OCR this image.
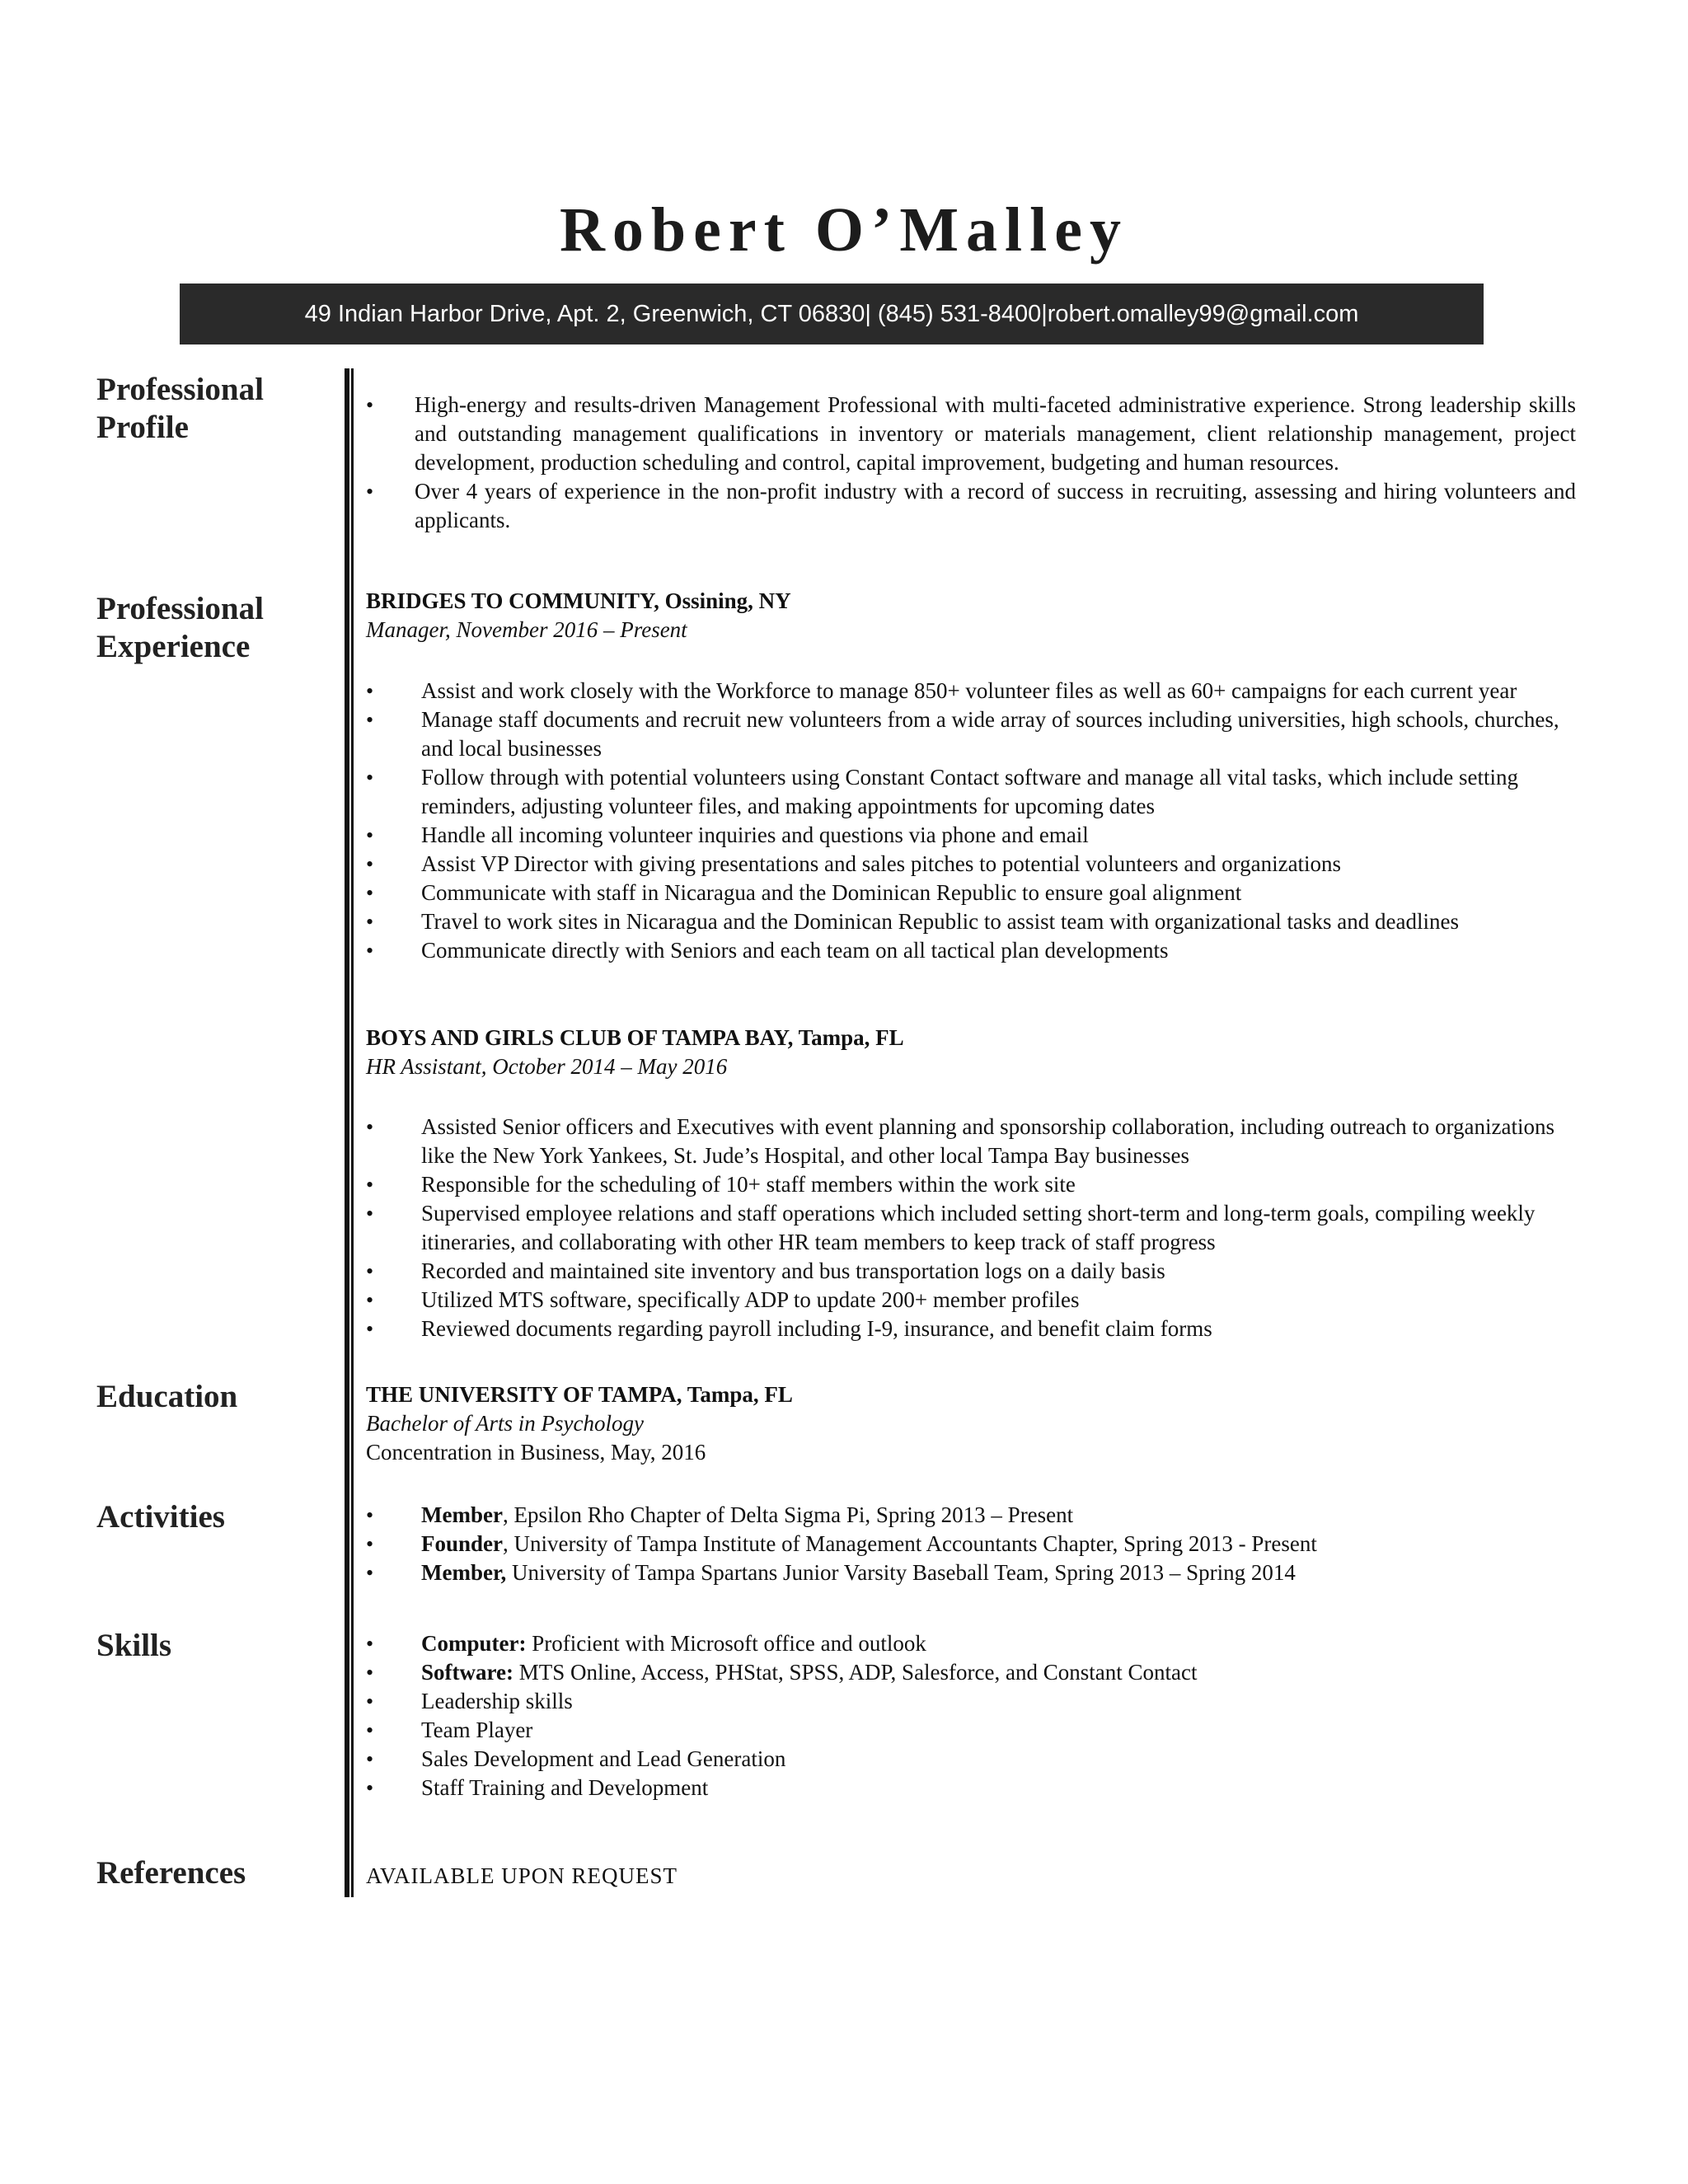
Robert O’Malley
49 Indian Harbor Drive, Apt. 2, Greenwich, CT 06830| (845) 531-8400|robert.omalley99@gmail.com
Professional Profile
• High-energy and results-driven Management Professional with multi-faceted administrative experience. Strong leadership skills and outstanding management qualifications in inventory or materials management, client relationship management, project development, production scheduling and control, capital improvement, budgeting and human resources.
• Over 4 years of experience in the non-profit industry with a record of success in recruiting, assessing and hiring volunteers and applicants.
Professional Experience
BRIDGES TO COMMUNITY, Ossining, NY
Manager, November 2016 – Present
• Assist and work closely with the Workforce to manage 850+ volunteer files as well as 60+ campaigns for each current year
• Manage staff documents and recruit new volunteers from a wide array of sources including universities, high schools, churches, and local businesses
• Follow through with potential volunteers using Constant Contact software and manage all vital tasks, which include setting reminders, adjusting volunteer files, and making appointments for upcoming dates
• Handle all incoming volunteer inquiries and questions via phone and email
• Assist VP Director with giving presentations and sales pitches to potential volunteers and organizations
• Communicate with staff in Nicaragua and the Dominican Republic to ensure goal alignment
• Travel to work sites in Nicaragua and the Dominican Republic to assist team with organizational tasks and deadlines
• Communicate directly with Seniors and each team on all tactical plan developments
BOYS AND GIRLS CLUB OF TAMPA BAY, Tampa, FL
HR Assistant, October 2014 – May 2016
• Assisted Senior officers and Executives with event planning and sponsorship collaboration, including outreach to organizations like the New York Yankees, St. Jude’s Hospital, and other local Tampa Bay businesses
• Responsible for the scheduling of 10+ staff members within the work site
• Supervised employee relations and staff operations which included setting short-term and long-term goals, compiling weekly itineraries, and collaborating with other HR team members to keep track of staff progress
• Recorded and maintained site inventory and bus transportation logs on a daily basis
• Utilized MTS software, specifically ADP to update 200+ member profiles
• Reviewed documents regarding payroll including I-9, insurance, and benefit claim forms
Education	THE UNIVERSITY OF TAMPA, Tampa, FL
Bachelor of Arts in Psychology
Concentration in Business, May, 2016
Activities	• Member, Epsilon Rho Chapter of Delta Sigma Pi, Spring 2013 – Present
• Founder, University of Tampa Institute of Management Accountants Chapter, Spring 2013 - Present
• Member, University of Tampa Spartans Junior Varsity Baseball Team, Spring 2013 – Spring 2014
Skills	• Computer: Proficient with Microsoft office and outlook
• Software: MTS Online, Access, PHStat, SPSS, ADP, Salesforce, and Constant Contact
• Leadership skills
• Team Player
• Sales Development and Lead Generation
• Staff Training and Development
References	AVAILABLE UPON REQUEST
